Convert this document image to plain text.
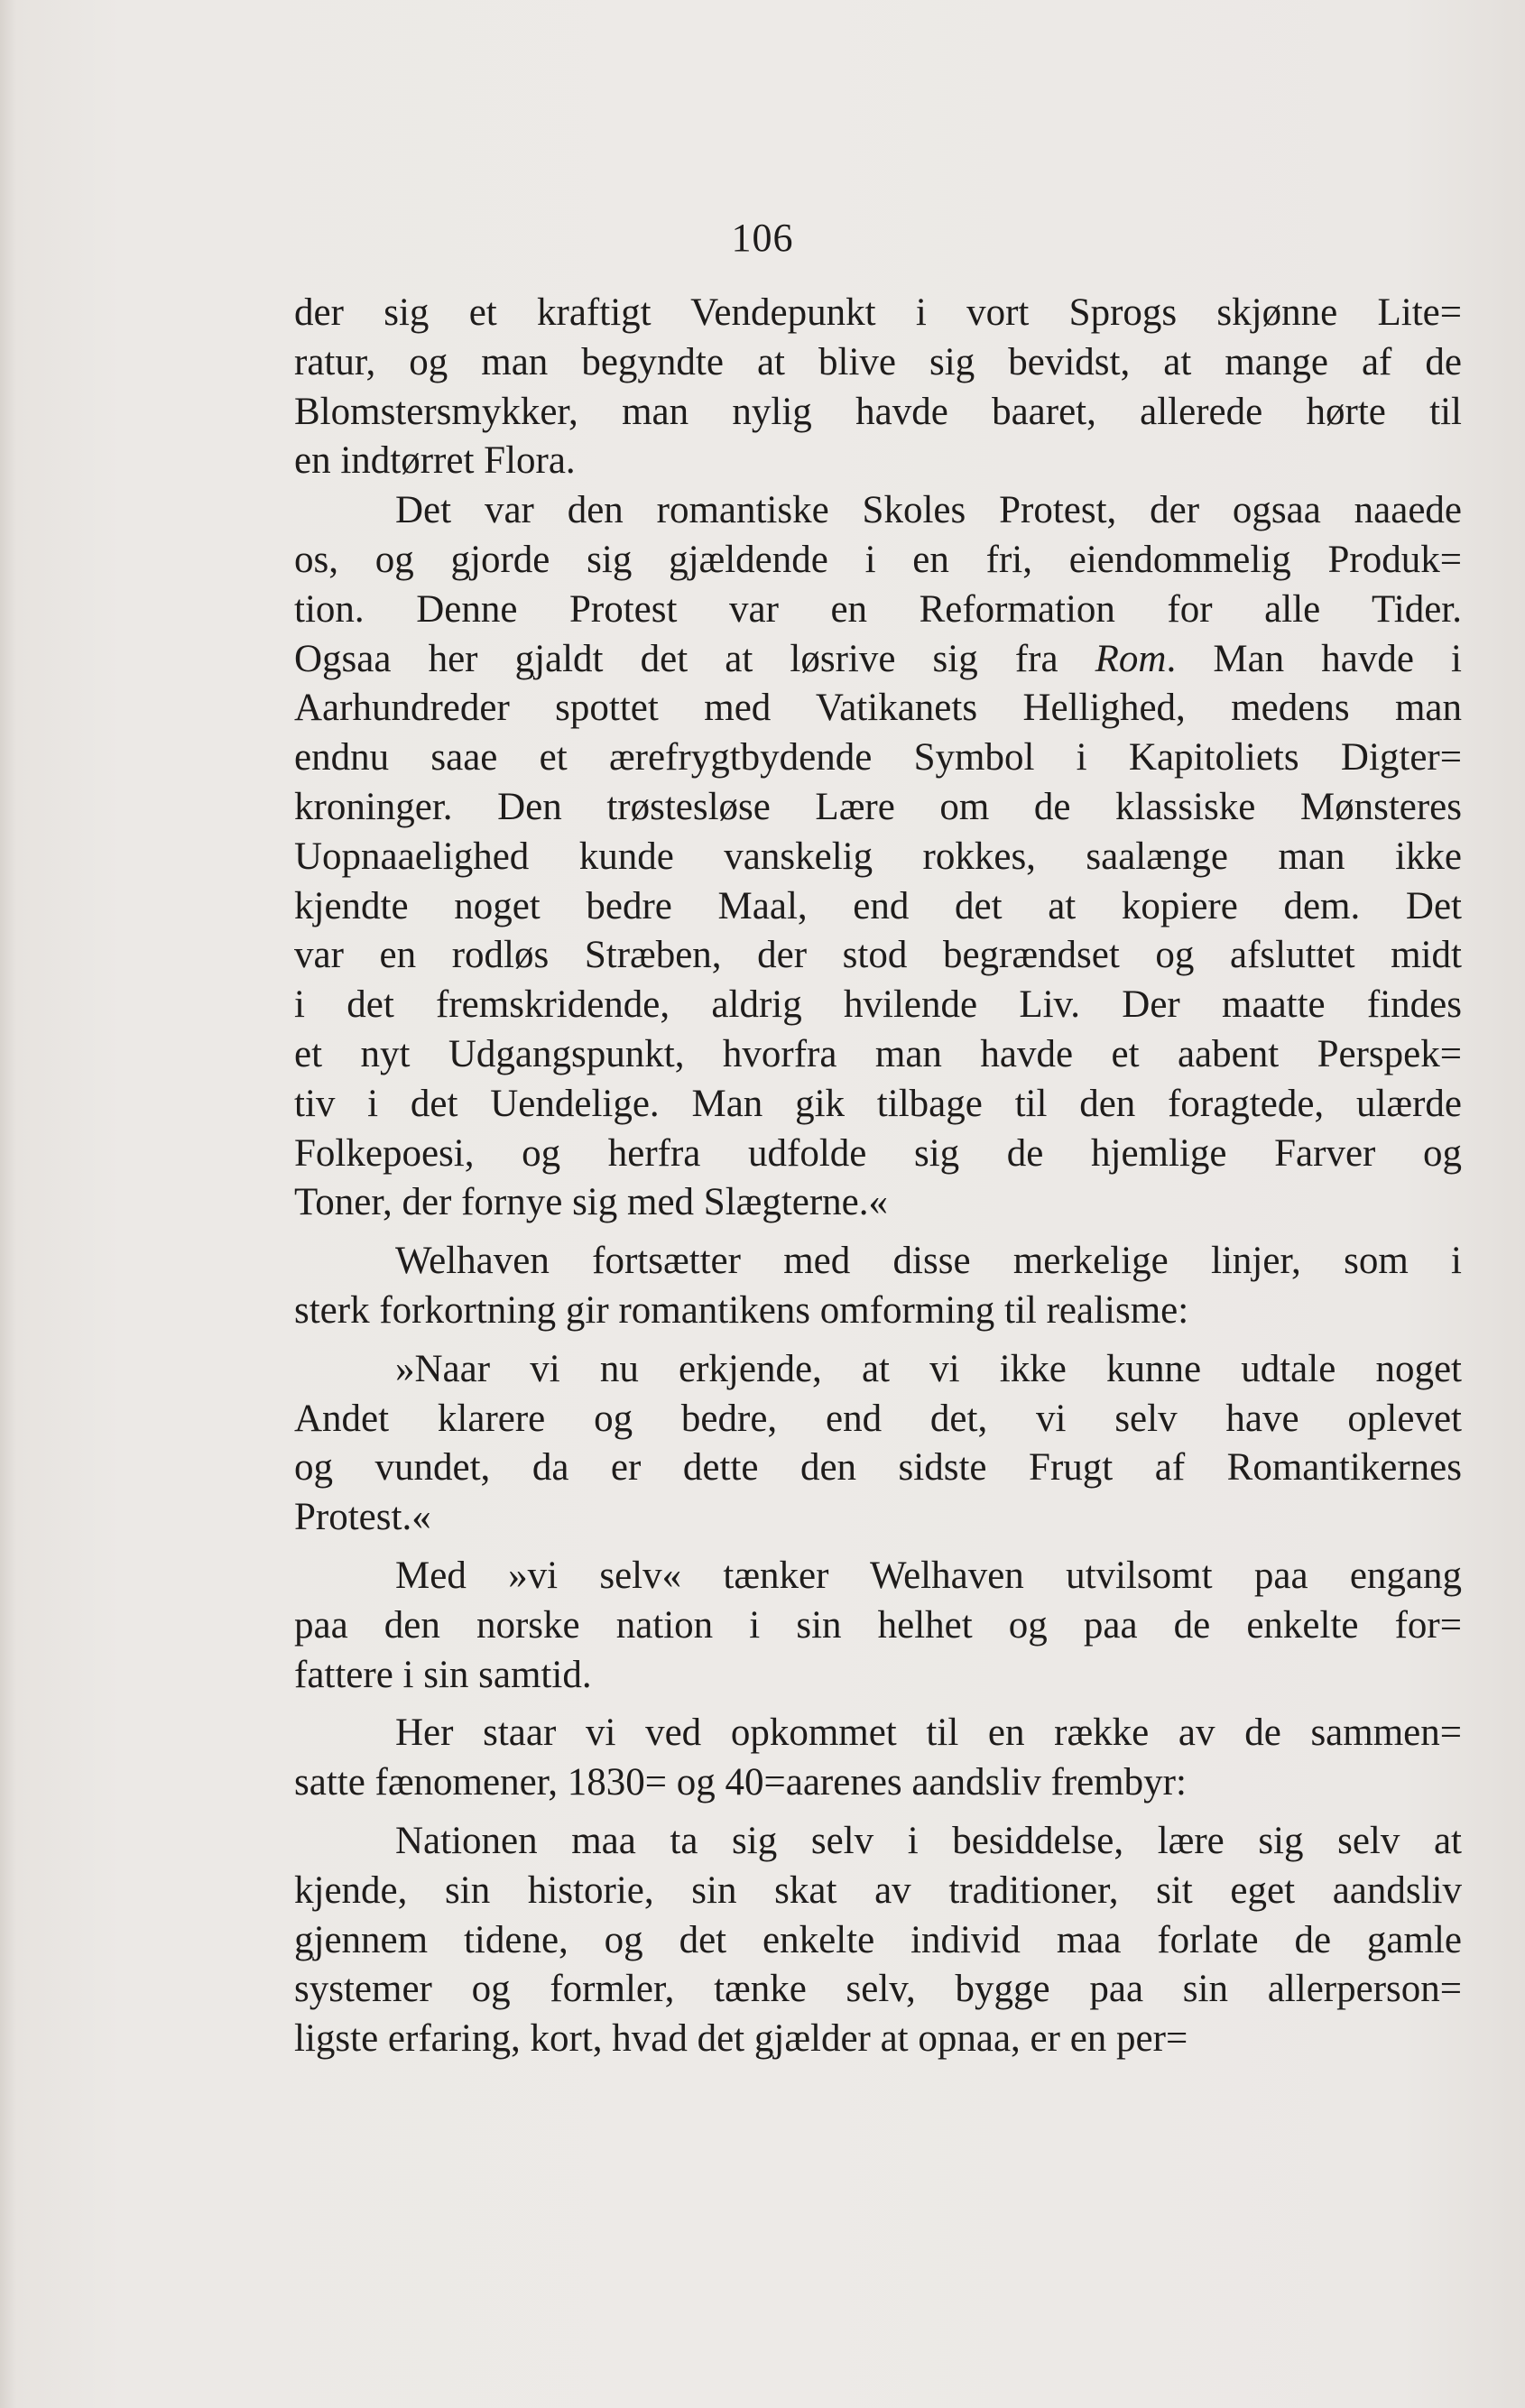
106
der sig et kraftigt Vendepunkt i vort Sprogs skjønne Lite=
ratur, og man begyndte at blive sig bevidst, at mange af de
Blomstersmykker, man nylig havde baaret, allerede hørte til
en indtørret Flora.
Det var den romantiske Skoles Protest, der ogsaa naaede
os, og gjorde sig gjældende i en fri, eiendommelig Produk=
tion. Denne Protest var en Reformation for alle Tider.
Ogsaa her gjaldt det at løsrive sig fra Rom. Man havde i
Aarhundreder spottet med Vatikanets Hellighed, medens man
endnu saae et ærefrygtbydende Symbol i Kapitoliets Digter=
kroninger. Den trøstesløse Lære om de klassiske Mønsteres
Uopnaaelighed kunde vanskelig rokkes, saalænge man ikke
kjendte noget bedre Maal, end det at kopiere dem. Det
var en rodløs Stræben, der stod begrændset og afsluttet midt
i det fremskridende, aldrig hvilende Liv. Der maatte findes
et nyt Udgangspunkt, hvorfra man havde et aabent Perspek=
tiv i det Uendelige. Man gik tilbage til den foragtede, ulærde
Folkepoesi, og herfra udfolde sig de hjemlige Farver og
Toner, der fornye sig med Slægterne.«
Welhaven fortsætter med disse merkelige linjer, som i
sterk forkortning gir romantikens omforming til realisme:
»Naar vi nu erkjende, at vi ikke kunne udtale noget
Andet klarere og bedre, end det, vi selv have oplevet
og vundet, da er dette den sidste Frugt af Romantikernes
Protest.«
Med »vi selv« tænker Welhaven utvilsomt paa engang
paa den norske nation i sin helhet og paa de enkelte for=
fattere i sin samtid.
Her staar vi ved opkommet til en række av de sammen=
satte fænomener, 1830= og 40=aarenes aandsliv frembyr:
Nationen maa ta sig selv i besiddelse, lære sig selv at
kjende, sin historie, sin skat av traditioner, sit eget aandsliv
gjennem tidene, og det enkelte individ maa forlate de gamle
systemer og formler, tænke selv, bygge paa sin allerperson=
ligste erfaring, kort, hvad det gjælder at opnaa, er en per=
